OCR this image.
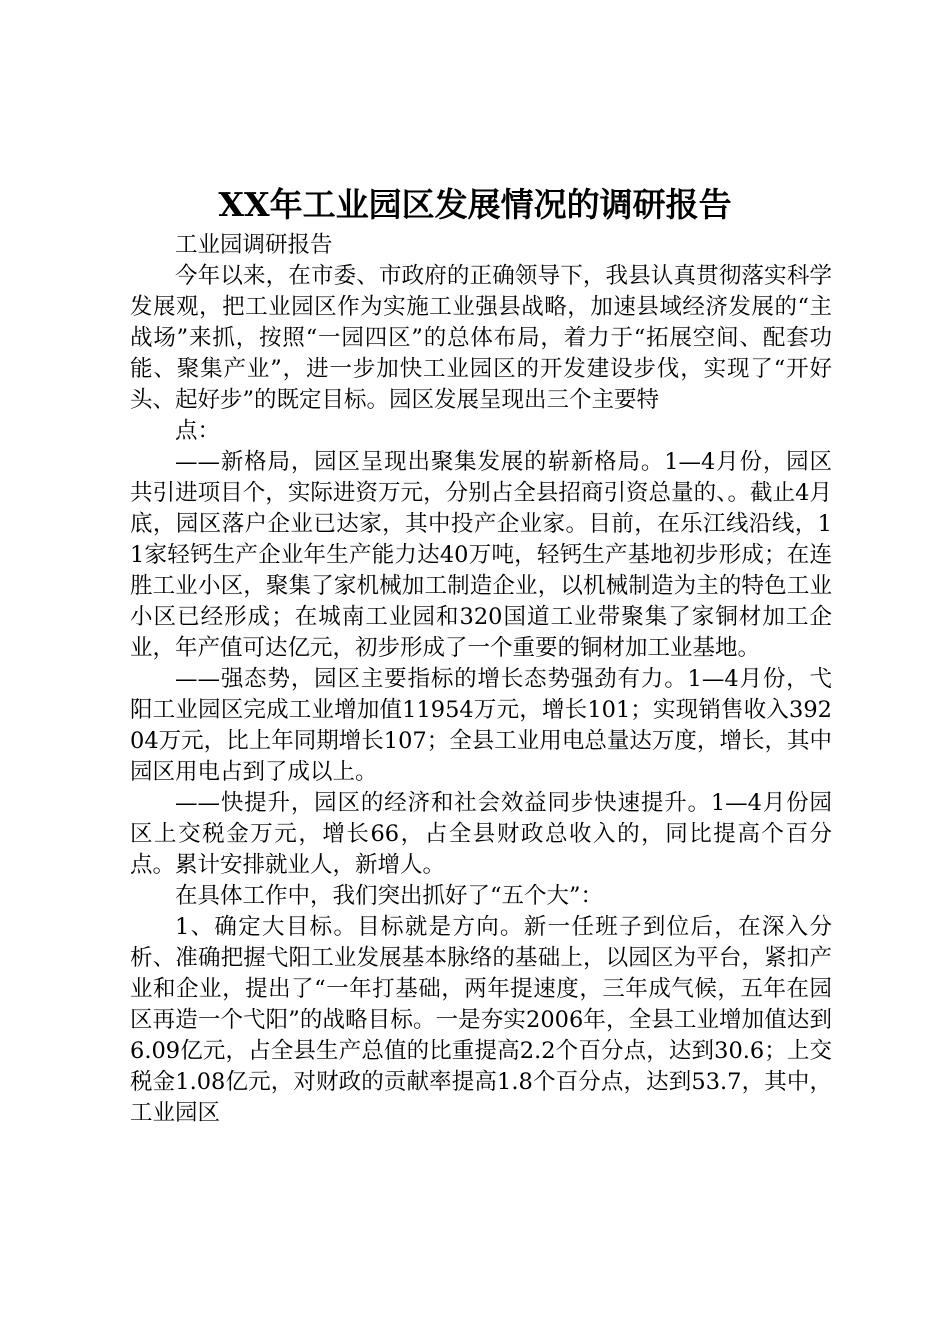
XX年工业园区发展情况的调研报告

工业园调研报告

今年以来，在市委、市政府的正确领导下，我县认真贯彻落实科学发展观，把工业园区作为实施工业强县战略，加速县域经济发展的“主战场”来抓，按照“一园四区”的总体布局，着力于“拓展空间、配套功能、聚集产业”，进一步加快工业园区的开发建设步伐，实现了“开好头、起好步”的既定目标。园区发展呈现出三个主要特

点：

——新格局，园区呈现出聚集发展的崭新格局。1—4月份，园区共引进项目个，实际进资万元，分别占全县招商引资总量的、。截止4月底，园区落户企业已达家，其中投产企业家。目前，在乐江线沿线，11家轻钙生产企业年生产能力达40万吨，轻钙生产基地初步形成；在连胜工业小区，聚集了家机械加工制造企业，以机械制造为主的特色工业小区已经形成；在城南工业园和320国道工业带聚集了家铜材加工企业，年产值可达亿元，初步形成了一个重要的铜材加工业基地。

——强态势，园区主要指标的增长态势强劲有力。1—4月份，弋阳工业园区完成工业增加值11954万元，增长101；实现销售收入39204万元，比上年同期增长107；全县工业用电总量达万度，增长，其中园区用电占到了成以上。

——快提升，园区的经济和社会效益同步快速提升。1—4月份园区上交税金万元，增长66，占全县财政总收入的，同比提高个百分点。累计安排就业人，新增人。

在具体工作中，我们突出抓好了“五个大”：

1、确定大目标。目标就是方向。新一任班子到位后，在深入分析、准确把握弋阳工业发展基本脉络的基础上，以园区为平台，紧扣产业和企业，提出了“一年打基础，两年提速度，三年成气候，五年在园区再造一个弋阳”的战略目标。一是夯实2006年，全县工业增加值达到6.09亿元，占全县生产总值的比重提高2.2个百分点，达到30.6；上交税金1.08亿元，对财政的贡献率提高1.8个百分点，达到53.7，其中，工业园区
